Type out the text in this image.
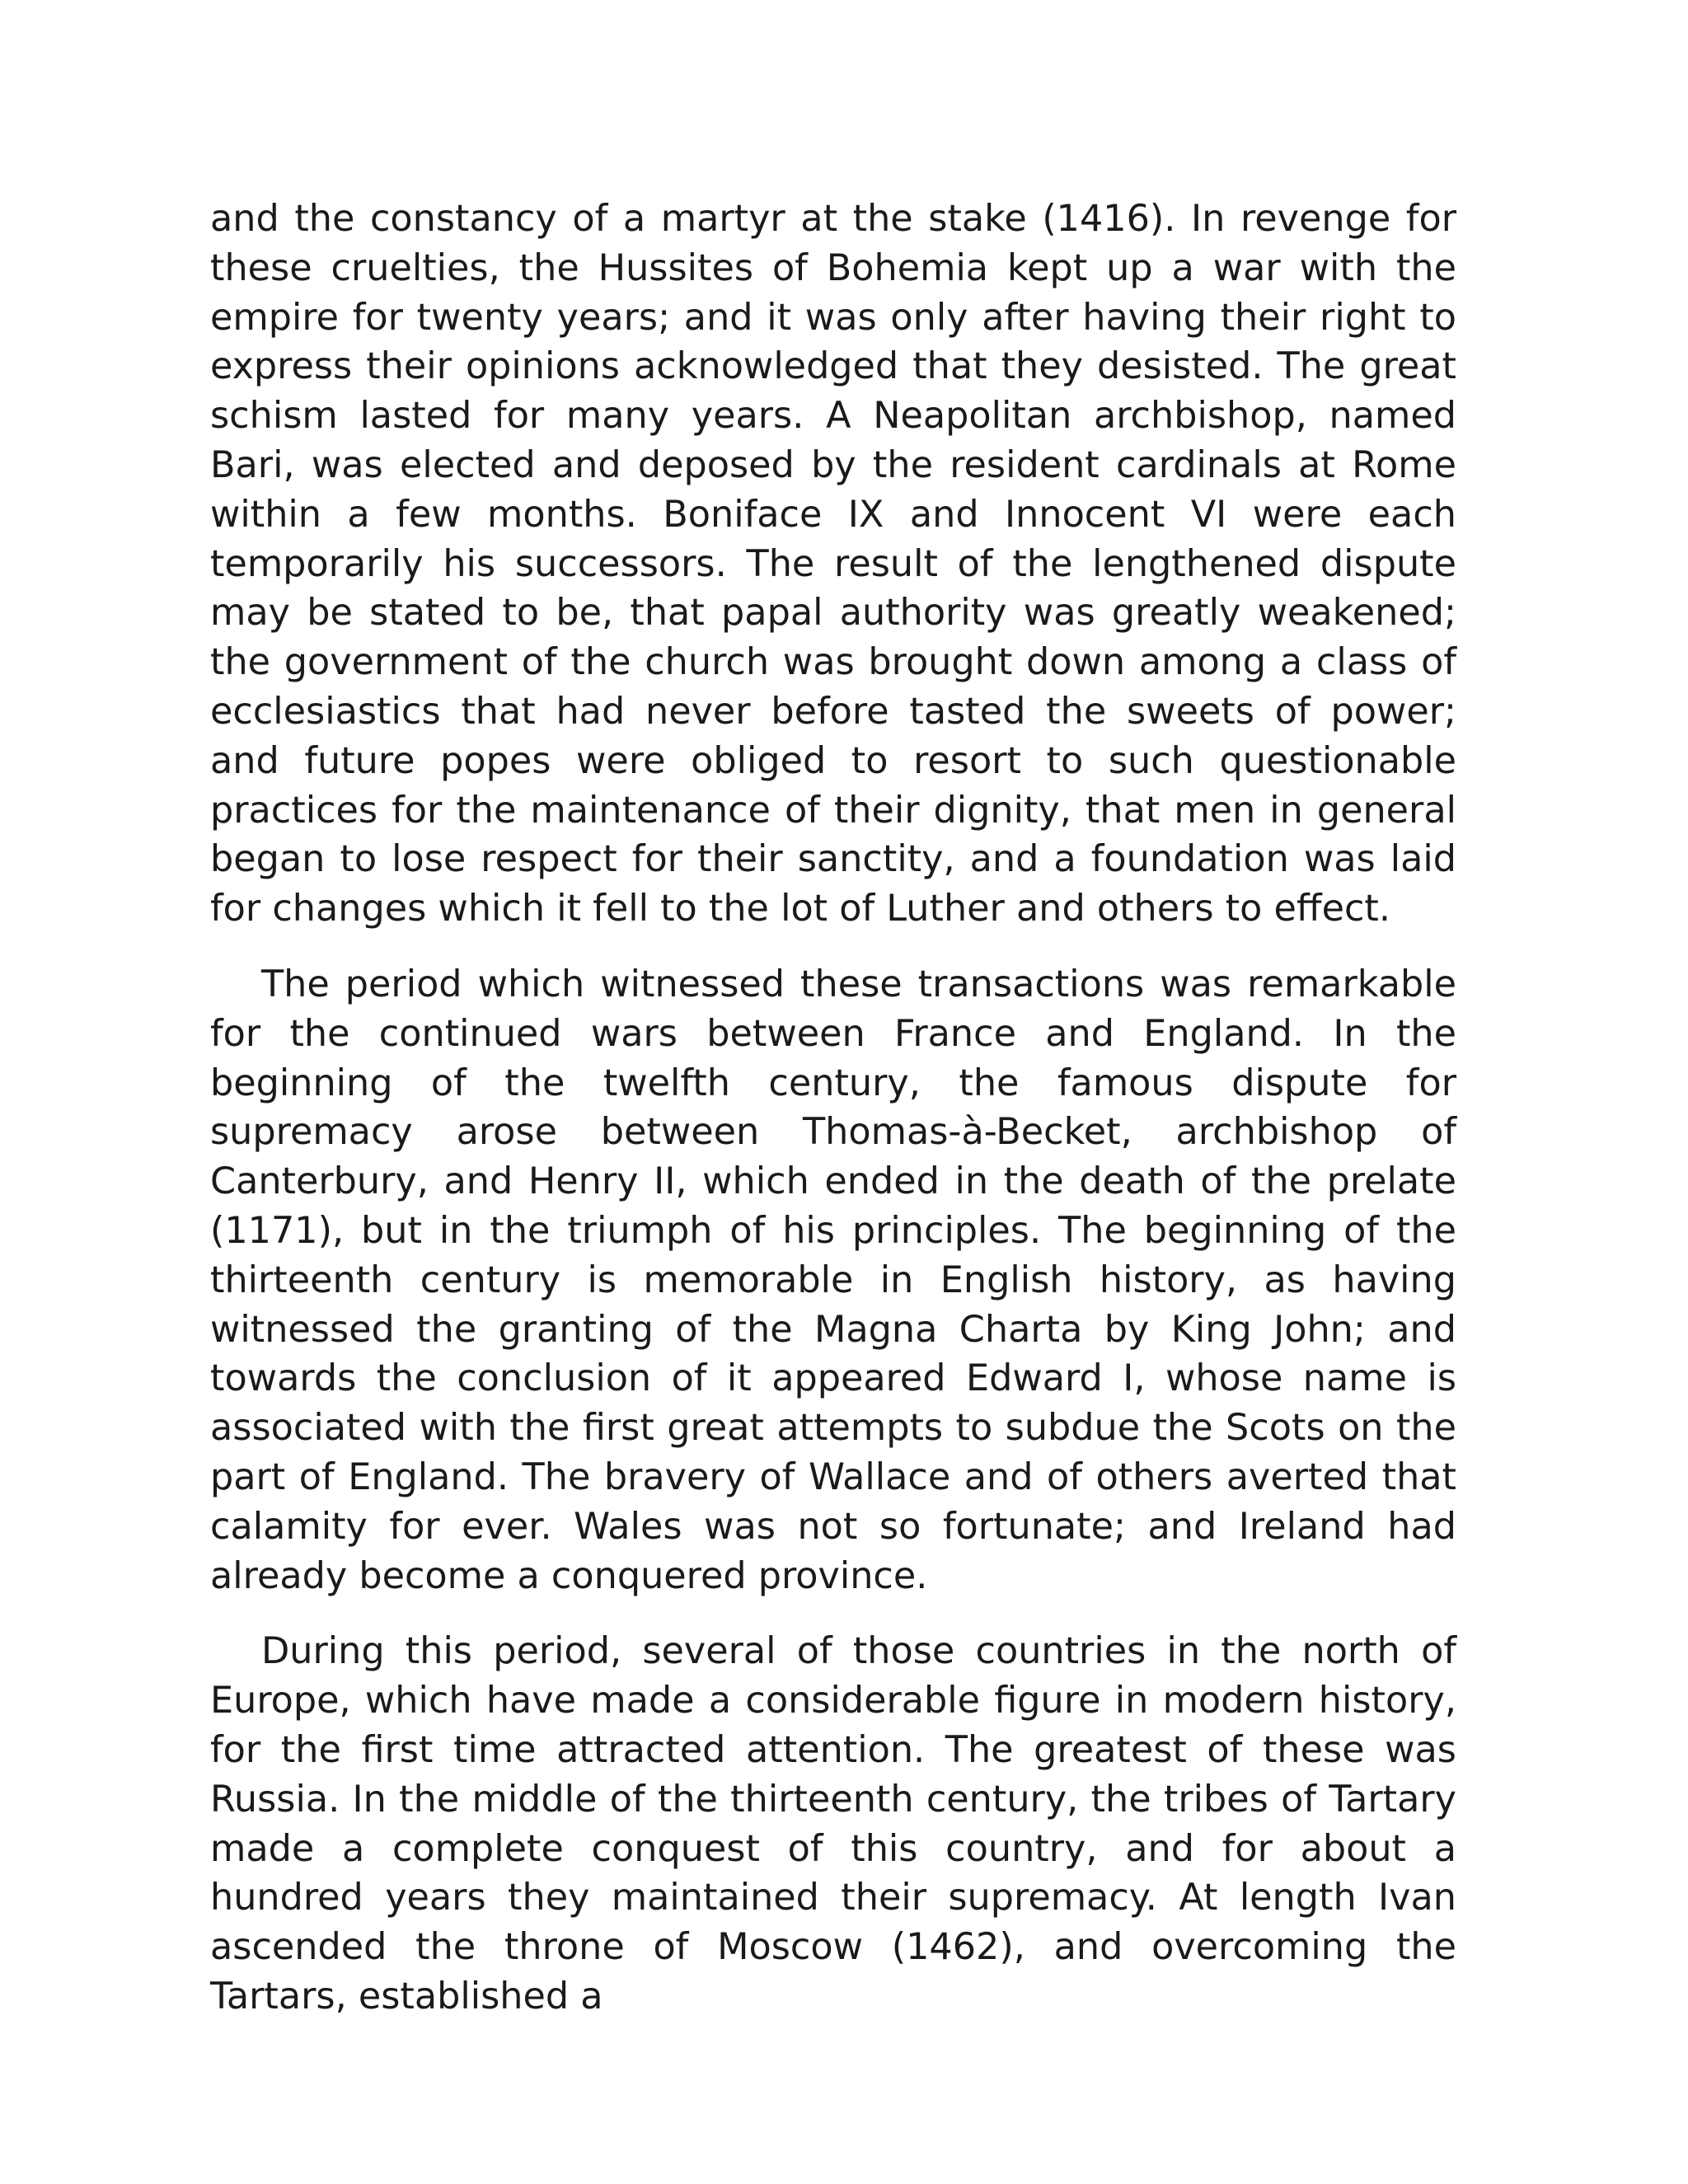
and the constancy of a martyr at the stake (1416). In revenge for these cruelties, the Hussites of Bohemia kept up a war with the empire for twenty years; and it was only after having their right to express their opinions acknowledged that they desisted. The great schism lasted for many years. A Neapolitan archbishop, named Bari, was elected and deposed by the resident cardinals at Rome within a few months. Boniface IX and Innocent VI were each temporarily his successors. The result of the lengthened dispute may be stated to be, that papal authority was greatly weakened; the government of the church was brought down among a class of ecclesiastics that had never before tasted the sweets of power; and future popes were obliged to resort to such questionable practices for the maintenance of their dignity, that men in general began to lose respect for their sanctity, and a foundation was laid for changes which it fell to the lot of Luther and others to effect.

The period which witnessed these transactions was remarkable for the continued wars between France and England. In the beginning of the twelfth century, the famous dispute for supremacy arose between Thomas-à-Becket, archbishop of Canterbury, and Henry II, which ended in the death of the prelate (1171), but in the triumph of his principles. The beginning of the thirteenth century is memorable in English history, as having witnessed the granting of the Magna Charta by King John; and towards the conclusion of it appeared Edward I, whose name is associated with the first great attempts to subdue the Scots on the part of England. The bravery of Wallace and of others averted that calamity for ever. Wales was not so fortunate; and Ireland had already become a conquered province.

During this period, several of those countries in the north of Europe, which have made a considerable figure in modern history, for the first time attracted attention. The greatest of these was Russia. In the middle of the thirteenth century, the tribes of Tartary made a complete conquest of this country, and for about a hundred years they maintained their supremacy. At length Ivan ascended the throne of Moscow (1462), and overcoming the Tartars, established a
